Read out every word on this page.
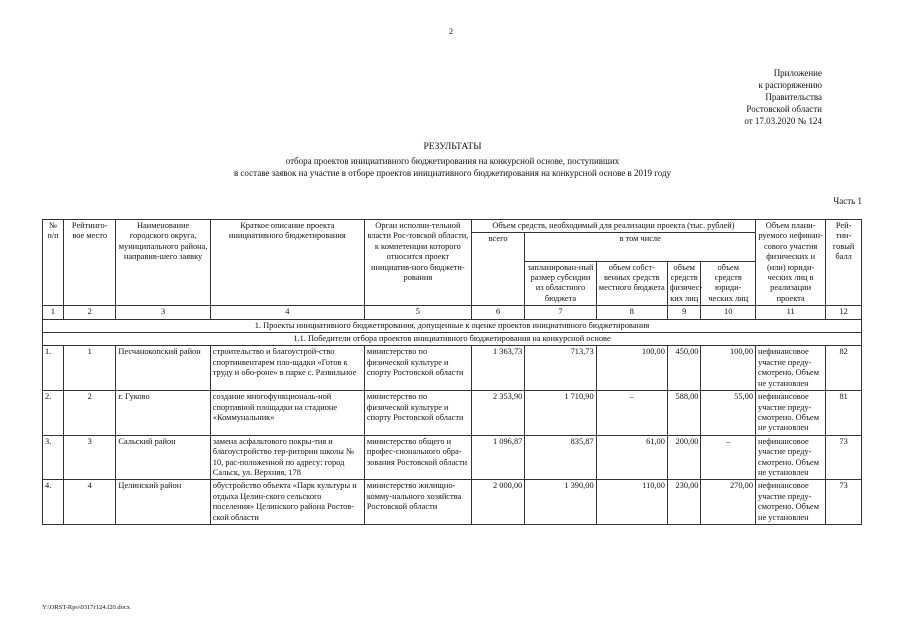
2
Приложение
к распоряжению
Правительства
Ростовской области
от 17.03.2020 № 124
РЕЗУЛЬТАТЫ
отбора проектов инициативного бюджетирования на конкурсной основе, поступивших
в составе заявок на участие в отборе проектов инициативного бюджетирования на конкурсной основе в 2019 году
Часть 1
№ п/п	Рейтинго-вое место	Наименование городского округа, муниципального района, направив-шего заявку	Краткое описание проекта инициативного бюджетирования	Орган исполни-тельной власти Рос-товской области, к компетенции которого относится проект инициатив-ного бюджети-рования	Объем средств, необходимый для реализации проекта (тыс. рублей)					Объем плани-руемого нефинан-сового участия физических и (или) юриди-ческих лиц в реализации проекта	Рей-тин-говый балл
					всего	в том числе					
						запланирован-ный размер субсидии из областного бюджета	объем собст-венных средств местного бюджета	объем средств физичес-ких лиц	объем средств юриди-ческих лиц		
1	2	3	4	5	6	7	8	9	10	11	12
1. Проекты инициативного бюджетирования, допущенные к оценке проектов инициативного бюджетирования											
1.1. Победители отбора проектов инициативного бюджетирования на конкурсной основе											
1.	1	Песчанокопский район	строительство и благоустрой-ство спортинвентарем пло-щадки «Готов к труду и обо-роне» в парке с. Развильное	министерство по физической культуре и спорту Ростовской области	1 363,73	713,73	100,00	450,00	100,00	нефинансовое участие преду-смотрено. Объем не установлен	82
2.	2	г. Гуково	создание многофункциональ-ной спортивной площадки на стадионе «Коммунальник»	министерство по физической культуре и спорту Ростовской области	2 353,90	1 710,90	–	588,00	55,00	нефинансовое участие преду-смотрено. Объем не установлен	81
3.	3	Сальский район	замена асфальтового покры-тия и благоустройство тер-ритории школы № 10, рас-положенной по адресу: город Сальск, ул. Верхняя, 178	министерство общего и профес-сионального обра-зования Ростовской области	1 096,87	835,87	61,00	200,00	–	нефинансовое участие преду-смотрено. Объем не установлен	73
4.	4	Целинский район	обустройство объекта «Парк культуры и отдыха Целин-ского сельского поселения» Целинского района Ростов-ской области	министерство жилищно-комму-нального хозяйства Ростовской области	2 000,00	1 390,00	110,00	230,00	270,00	нефинансовое участие преду-смотрено. Объем не установлен	73
Y:\ORST-Rpo\0317r124.f20.docx
